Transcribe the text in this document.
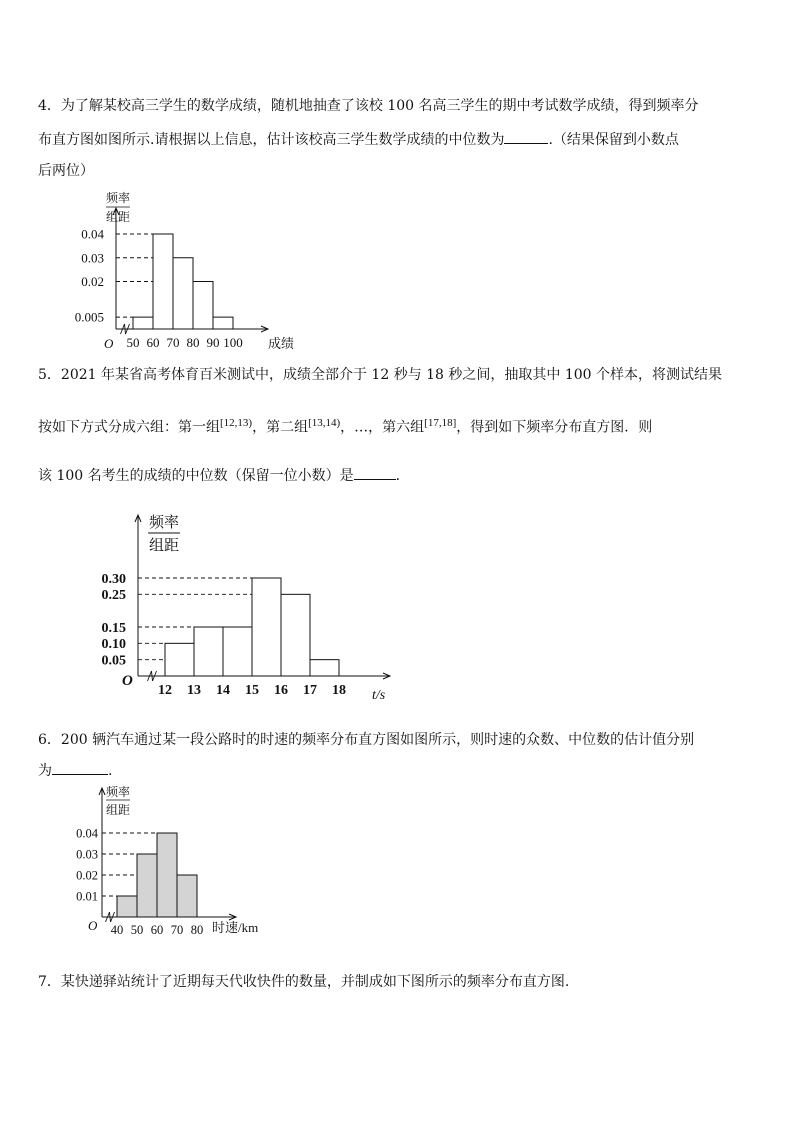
4．为了解某校高三学生的数学成绩，随机地抽查了该校 100 名高三学生的期中考试数学成绩，得到频率分
布直方图如图所示.请根据以上信息，估计该校高三学生数学成绩的中位数为	.（结果保留到小数点
后两位）
频率
组距
0.04
0.03
0.02
0.005
50 60 70 80 90 100 成绩
O
5．2021 年某省高考体育百米测试中，成绩全部介于 12 秒与 18 秒之间，抽取其中 100 个样本，将测试结果
按如下方式分成六组：第一组$^{[12,13)}$，第二组$^{[13,14)}$，…，第六组[17,18]，得到如下频率分布直方图．则
该 100 名考生的成绩的中位数（保留一位小数）是	．
频率
组距
0.30
0.25
0.15
0.10
0.05
12 13 14 15 16 17 18 t/s
O
6．200 辆汽车通过某一段公路时的时速的频率分布直方图如图所示，则时速的众数、中位数的估计值分别
为	.
频率
组距
0.04
0.03
0.02
0.01
40 50 60 70 80 时速/km
O
7．某快递驿站统计了近期每天代收快件的数量，并制成如下图所示的频率分布直方图.
